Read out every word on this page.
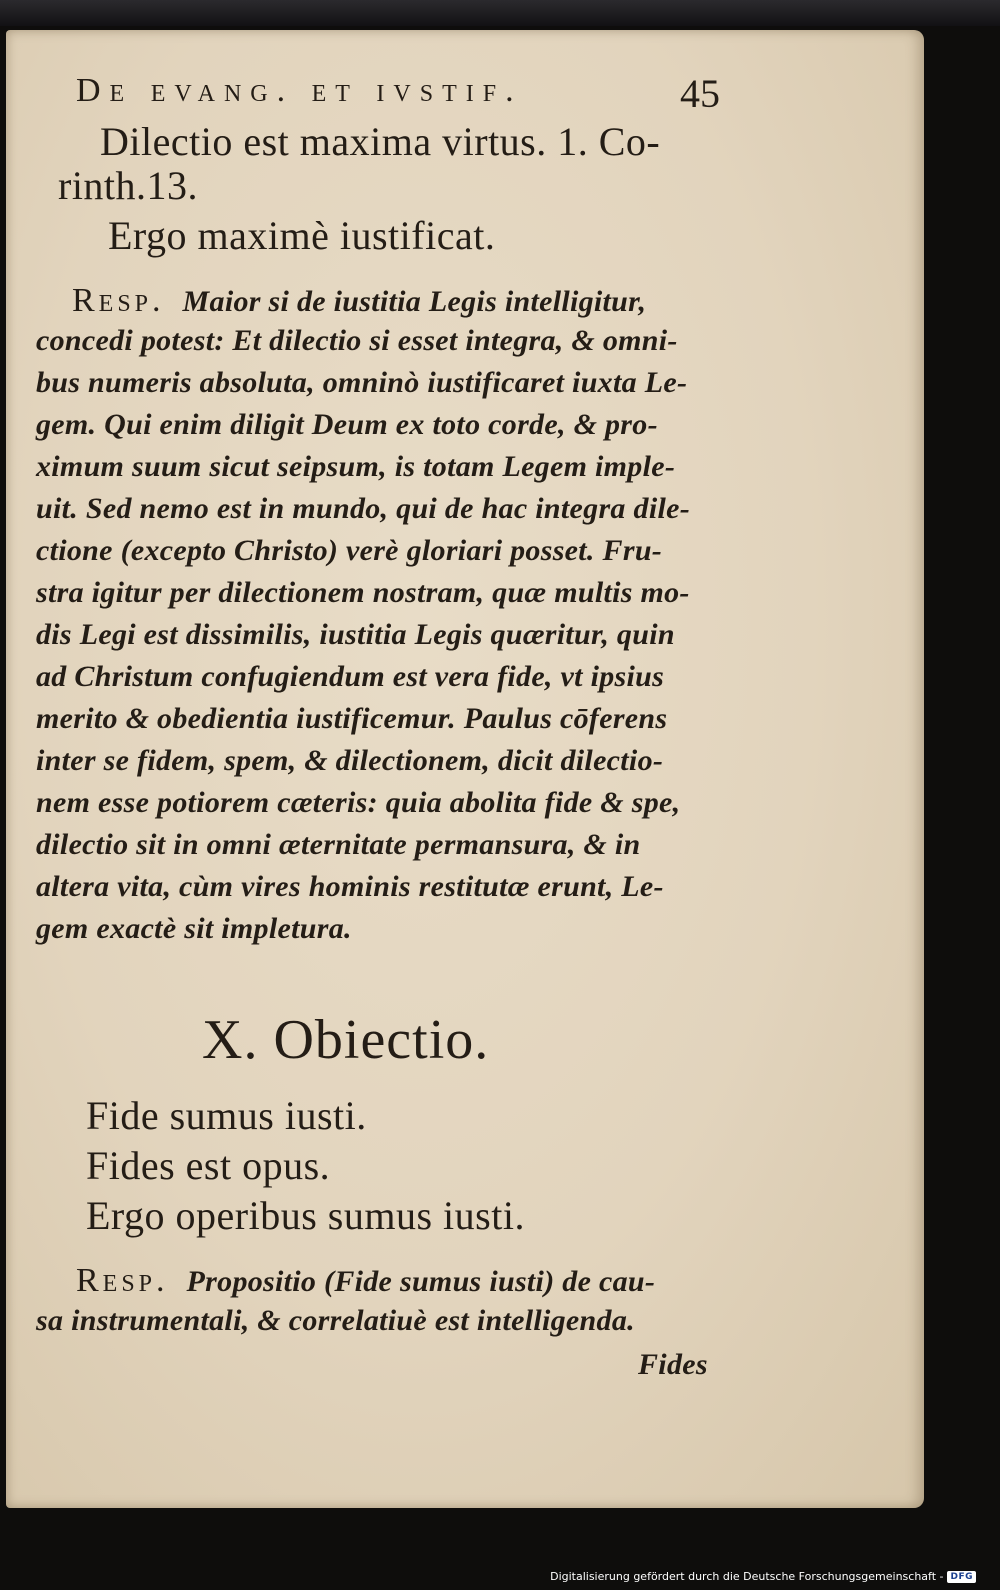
De evang. et ivstif.	45
Dilectio est maxima virtus. 1. Co-
rinth.13.
Ergo maximè iustificat.
Resp. Maior si de iustitia Legis intelligitur,
concedi potest: Et dilectio si esset integra, & omni-
bus numeris absoluta, omninò iustificaret iuxta Le-
gem. Qui enim diligit Deum ex toto corde, & pro-
ximum suum sicut seipsum, is totam Legem imple-
uit. Sed nemo est in mundo, qui de hac integra dile-
ctione (excepto Christo) verè gloriari posset. Fru-
stra igitur per dilectionem nostram, quæ multis mo-
dis Legi est dissimilis, iustitia Legis quæritur, quin
ad Christum confugiendum est vera fide, vt ipsius
merito & obedientia iustificemur. Paulus cōferens
inter se fidem, spem, & dilectionem, dicit dilectio-
nem esse potiorem cæteris: quia abolita fide & spe,
dilectio sit in omni æternitate permansura, & in
altera vita, cùm vires hominis restitutæ erunt, Le-
gem exactè sit impletura.
X. Obiectio.
Fide sumus iusti.
Fides est opus.
Ergo operibus sumus iusti.
Resp. Propositio (Fide sumus iusti) de cau-
sa instrumentali, & correlatiuè est intelligenda.
Fides
Digitalisierung gefördert durch die Deutsche Forschungsgemeinschaft - DFG
